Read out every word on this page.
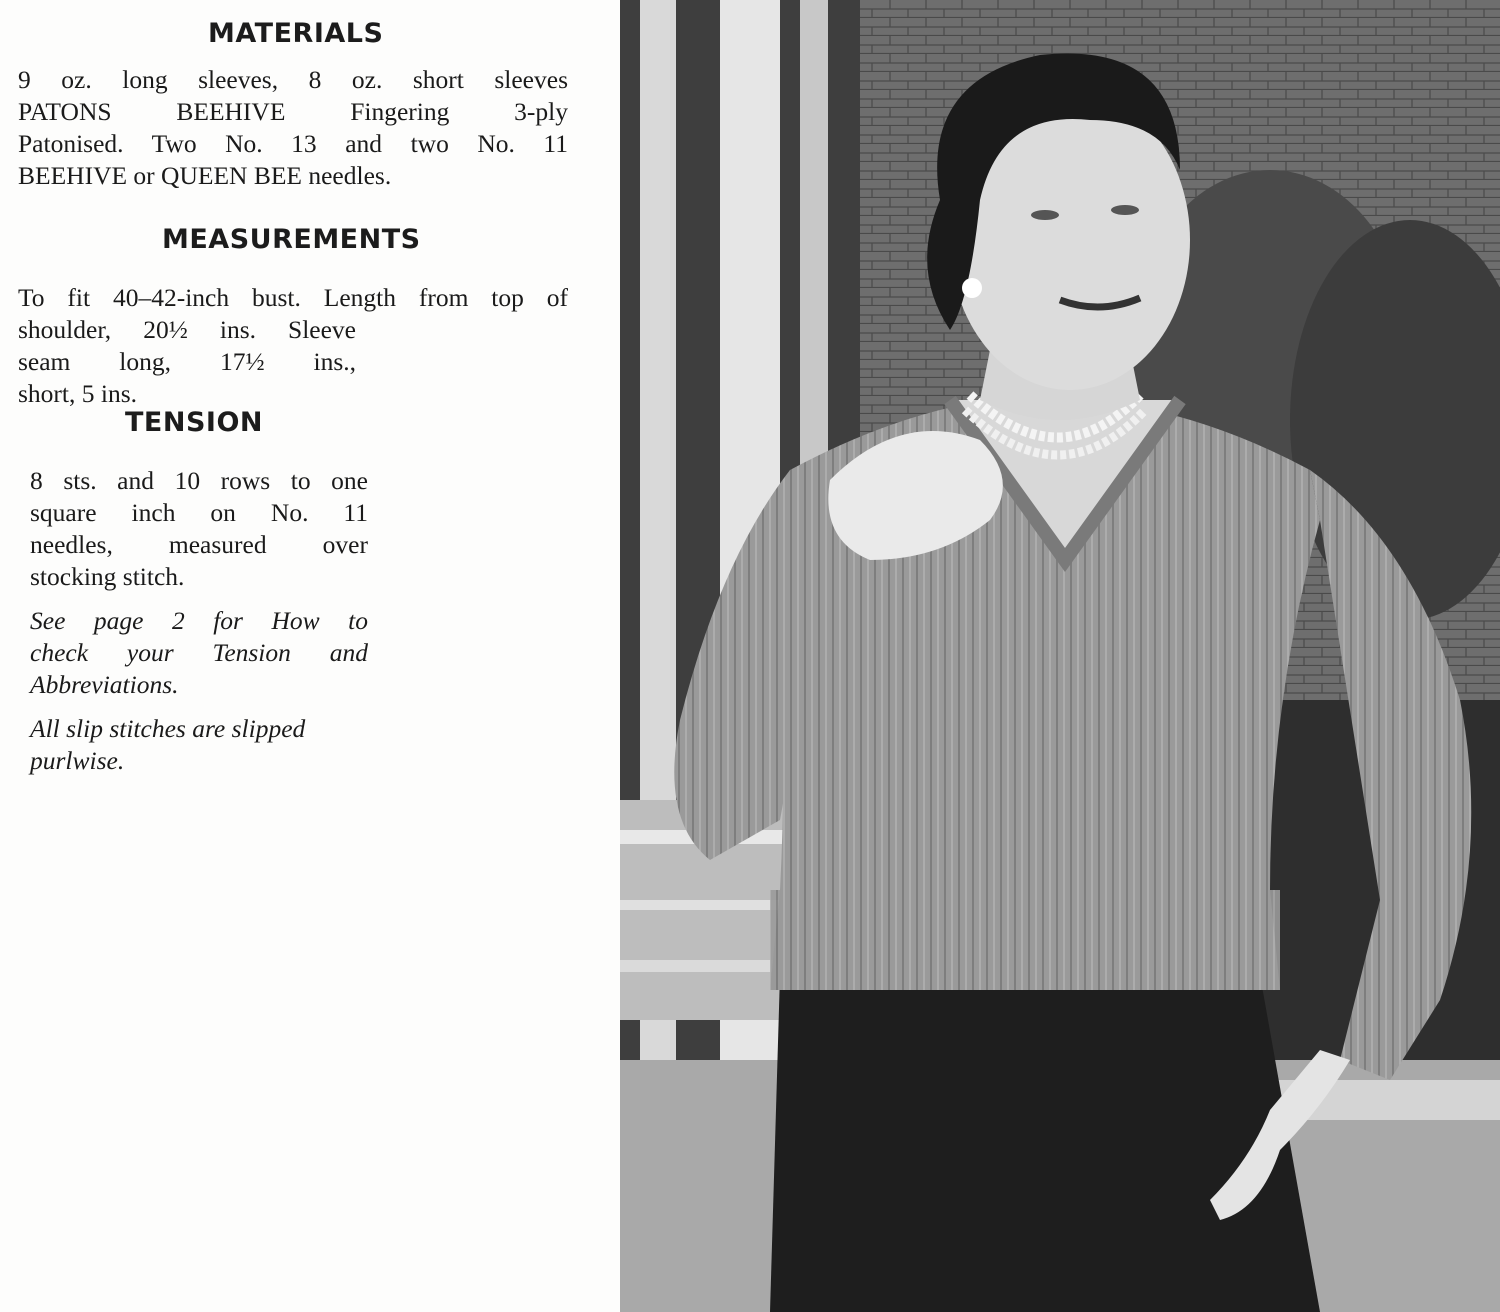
MATERIALS
9 oz. long sleeves, 8 oz. short sleeves
PATONS BEEHIVE Fingering 3-ply
Patonised. Two No. 13 and two No. 11
BEEHIVE or QUEEN BEE needles.
MEASUREMENTS
To fit 40–42-inch bust. Length from top of
shoulder, 20½ ins. Sleeve
seam long, 17½ ins.,
short, 5 ins.
TENSION
8 sts. and 10 rows to one
square inch on No. 11
needles, measured over
stocking stitch.
See page 2 for How to
check your Tension and
Abbreviations.
All slip stitches are slipped
purlwise.
